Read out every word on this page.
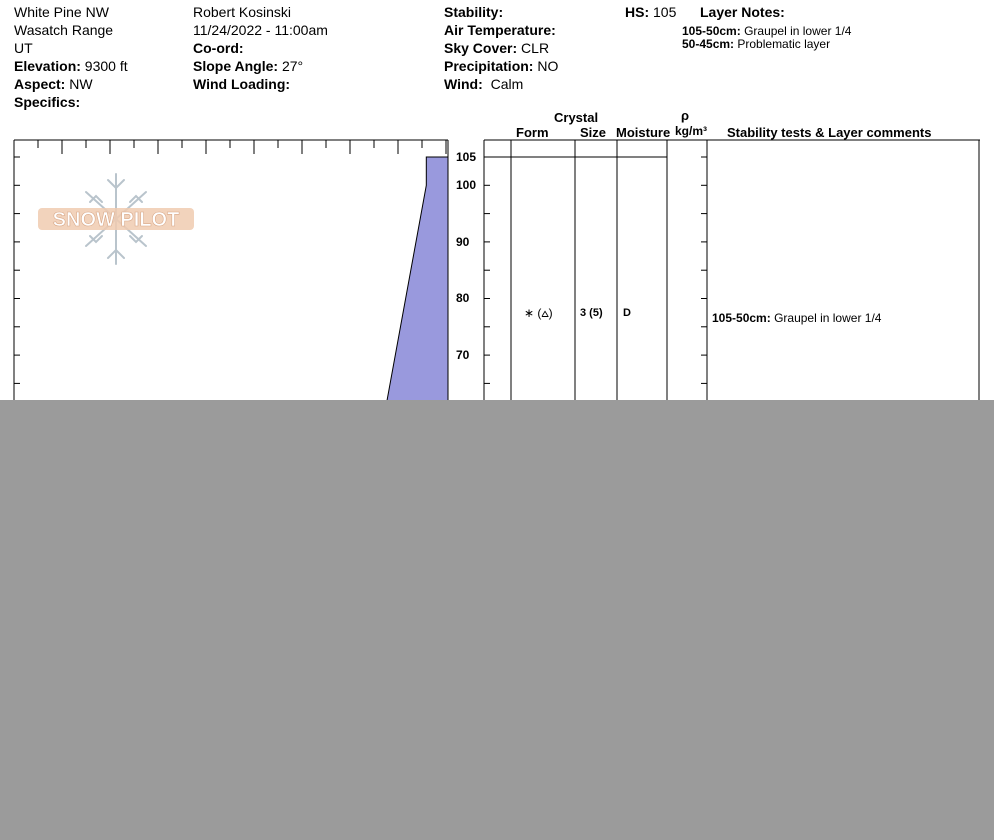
White Pine NW
Wasatch Range
UT
Elevation: 9300 ft
Aspect: NW
Specifics:
Robert Kosinski
11/24/2022 - 11:00am
Co-ord:
Slope Angle: 27°
Wind Loading:
Stability:
Air Temperature:
Sky Cover: CLR
Precipitation: NO
Wind: Calm
HS: 105 Layer Notes:
105-50cm: Graupel in lower 1/4
50-45cm: Problematic layer
Crystal
Form Size Moisture
ρ
kg/m³ Stability tests & Layer comments
105
100
90
80
70
SNOW PILOT
∗ (⩟) 3 (5) D	105-50cm: Graupel in lower 1/4
